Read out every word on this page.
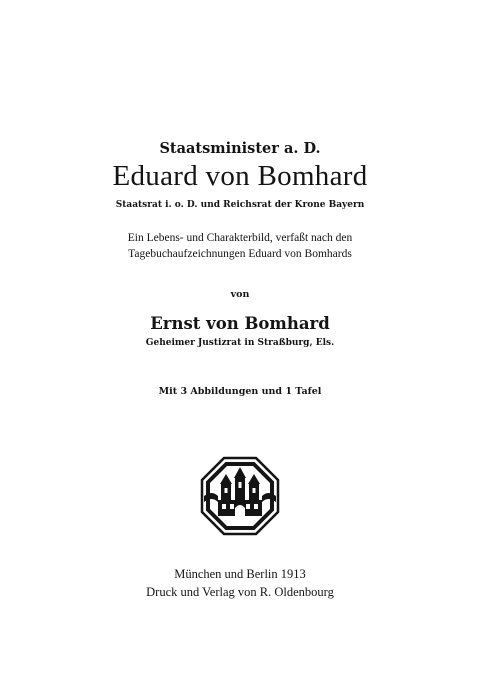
Staatsminister a. D.
Eduard von Bomhard
Staatsrat i. o. D. und Reichsrat der Krone Bayern
Ein Lebens- und Charakterbild, verfaßt nach den
Tagebuchaufzeichnungen Eduard von Bomhards
von
Ernst von Bomhard
Geheimer Justizrat in Straßburg, Els.
Mit 3 Abbildungen und 1 Tafel
München und Berlin 1913
Druck und Verlag von R. Oldenbourg
